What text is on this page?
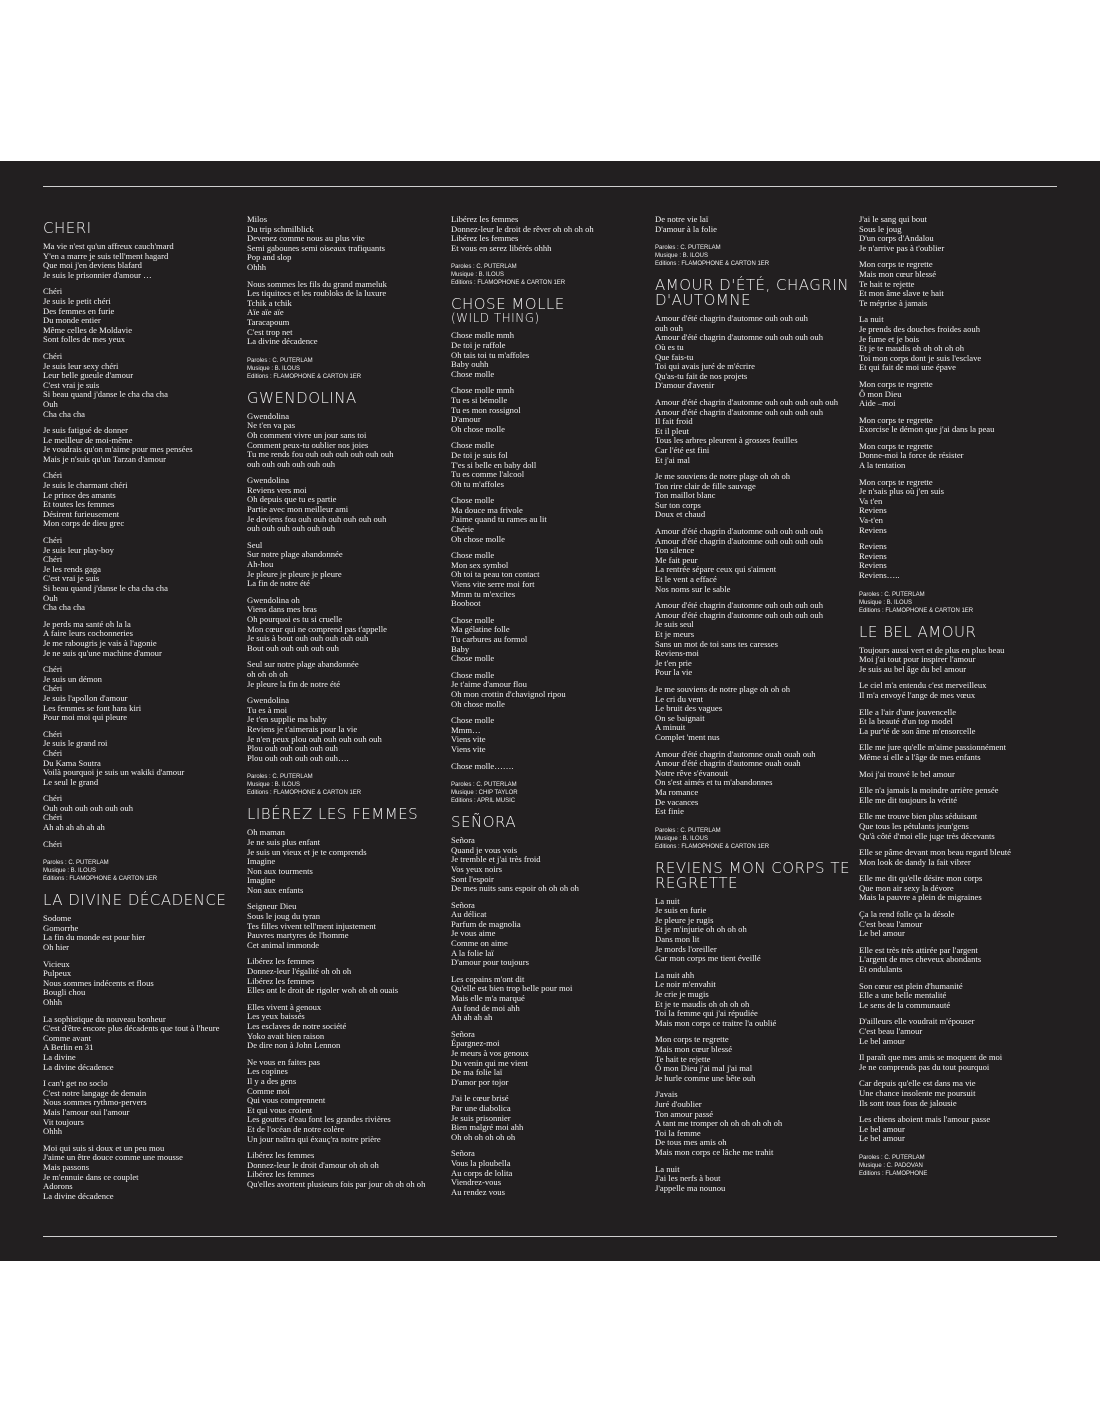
CHERI
Ma vie n'est qu'un affreux cauch'mard
Y'en a marre je suis tell'ment hagard
Que moi j'en deviens blafard
Je suis le prisonnier d'amour …
Chéri
Je suis le petit chéri
Des femmes en furie
Du monde entier
Même celles de Moldavie
Sont folles de mes yeux
Chéri
Je suis leur sexy chéri
Leur belle gueule d'amour
C'est vrai je suis
Si beau quand j'danse le cha cha cha
Ouh
Cha cha cha
Je suis fatigué de donner
Le meilleur de moi-même
Je voudrais qu'on m'aime pour mes pensées
Mais je n'suis qu'un Tarzan d'amour
Chéri
Je suis le charmant chéri
Le prince des amants
Et toutes les femmes
Désirent furieusement
Mon corps de dieu grec
Chéri
Je suis leur play-boy
Chéri
Je les rends gaga
C'est vrai je suis
Si beau quand j'danse le cha cha cha
Ouh
Cha cha cha
Je perds ma santé oh la la
A faire leurs cochonneries
Je me rabougris je vais à l'agonie
Je ne suis qu'une machine d'amour
Chéri
Je suis un démon
Chéri
Je suis l'apollon d'amour
Les femmes se font hara kiri
Pour moi moi qui pleure
Chéri
Je suis le grand roi
Chéri
Du Kama Soutra
Voilà pourquoi je suis un wakiki d'amour
Le seul le grand
Chéri
Ouh ouh ouh ouh ouh ouh
Chéri
Ah ah ah ah ah ah
Chéri
Paroles : C. PUTERLAM
Musique : B. ILOUS
Editions : FLAMOPHONE & CARTON 1ER
LA DIVINE DÉCADENCE
Sodome
Gomorrhe
La fin du monde est pour hier
Oh hier
Vicieux
Pulpeux
Nous sommes indécents et flous
Bougli chou
Ohhh
La sophistique du nouveau bonheur
C'est d'être encore plus décadents que tout à l'heure
Comme avant
A Berlin en 31
La divine
La divine décadence
I can't get no soclo
C'est notre langage de demain
Nous sommes rythmo-pervers
Mais l'amour oui l'amour
Vit toujours
Ohhh
Moi qui suis si doux et un peu mou
J'aime un être douce comme une mousse
Mais passons
Je m'ennuie dans ce couplet
Adorons
La divine décadence
Milos
Du trip schmilblick
Devenez comme nous au plus vite
Semi gabounes semi oiseaux trafiquants
Pop and slop
Ohhh
Nous sommes les fils du grand mameluk
Les tiquitocs et les roubloks de la luxure
Tchik a tchik
Aïe aïe aïe
Taracapoum
C'est trop net
La divine décadence
Paroles : C. PUTERLAM
Musique : B. ILOUS
Editions : FLAMOPHONE & CARTON 1ER
GWENDOLINA
Gwendolina
Ne t'en va pas
Oh comment vivre un jour sans toi
Comment peux-tu oublier nos joies
Tu me rends fou ouh ouh ouh ouh ouh ouh
ouh ouh ouh ouh ouh ouh
Gwendolina
Reviens vers moi
Oh depuis que tu es partie
Partie avec mon meilleur ami
Je deviens fou ouh ouh ouh ouh ouh ouh
ouh ouh ouh ouh ouh ouh
Seul
Sur notre plage abandonnée
Ah-hou
Je pleure je pleure je pleure
La fin de notre été
Gwendolina oh
Viens dans mes bras
Oh pourquoi es tu si cruelle
Mon cœur qui ne comprend pas t'appelle
Je suis à bout ouh ouh ouh ouh ouh
Bout ouh ouh ouh ouh ouh
Seul sur notre plage abandonnée
oh oh oh oh
Je pleure la fin de notre été
Gwendolina
Tu es à moi
Je t'en supplie ma baby
Reviens je t'aimerais pour la vie
Je n'en peux plou ouh ouh ouh ouh ouh
Plou ouh ouh ouh ouh ouh
Plou ouh ouh ouh ouh ouh….
Paroles : C. PUTERLAM
Musique : B. ILOUS
Editions : FLAMOPHONE & CARTON 1ER
LIBÉREZ LES FEMMES
Oh maman
Je ne suis plus enfant
Je suis un vieux et je te comprends
Imagine
Non aux tourments
Imagine
Non aux enfants
Seigneur Dieu
Sous le joug du tyran
Tes filles vivent tell'ment injustement
Pauvres martyres de l'homme
Cet animal immonde
Libérez les femmes
Donnez-leur l'égalité oh oh oh
Libérez les femmes
Elles ont le droit de rigoler woh oh oh ouais
Elles vivent à genoux
Les yeux baissés
Les esclaves de notre société
Yoko avait bien raison
De dire non à John Lennon
Ne vous en faites pas
Les copines
Il y a des gens
Comme moi
Qui vous comprennent
Et qui vous croient
Les gouttes d'eau font les grandes rivières
Et de l'océan de notre colère
Un jour naîtra qui éxauç'ra notre prière
Libérez les femmes
Donnez-leur le droit d'amour oh oh oh
Libérez les femmes
Qu'elles avortent plusieurs fois par jour oh oh oh oh
Libérez les femmes
Donnez-leur le droit de rêver oh oh oh oh
Libérez les femmes
Et vous en serez libérés ohhh
Paroles : C. PUTERLAM
Musique : B. ILOUS
Editions : FLAMOPHONE & CARTON 1ER
CHOSE MOLLE
(WILD THING)
Chose molle mmh
De toi je raffole
Oh tais toi tu m'affoles
Baby ouhh
Chose molle
Chose molle mmh
Tu es si bémolle
Tu es mon rossignol
D'amour
Oh chose molle
Chose molle
De toi je suis fol
T'es si belle en baby doll
Tu es comme l'alcool
Oh tu m'affoles
Chose molle
Ma douce ma frivole
J'aime quand tu rames au lit
Chérie
Oh chose molle
Chose molle
Mon sex symbol
Oh toi ta peau ton contact
Viens vite serre moi fort
Mmm tu m'excites
Booboot
Chose molle
Ma gélatine folle
Tu carbures au formol
Baby
Chose molle
Chose molle
Je t'aime d'amour flou
Oh mon crottin d'chavignol ripou
Oh chose molle
Chose molle
Mmm…
Viens vite
Viens vite
Chose molle…….
Paroles : C. PUTERLAM
Musique : CHIP TAYLOR
Editions : APRIL MUSIC
SEÑORA
Señora
Quand je vous vois
Je tremble et j'ai très froid
Vos yeux noirs
Sont l'espoir
De mes nuits sans espoir oh oh oh oh
Señora
Au délicat
Parfum de magnolia
Je vous aime
Comme on aime
A la folie laï
D'amour pour toujours
Les copains m'ont dit
Qu'elle est bien trop belle pour moi
Mais elle m'a marqué
Au fond de moi ahh
Ah ah ah ah
Señora
Épargnez-moi
Je meurs à vos genoux
Du venin qui me vient
De ma folie laï
D'amor por tojor
J'ai le cœur brisé
Par une diabolica
Je suis prisonnier
Bien malgré moi ahh
Oh oh oh oh oh oh
Señora
Vous la ploubella
Au corps de lolita
Viendrez-vous
Au rendez vous
De notre vie laï
D'amour à la folie
Paroles : C. PUTERLAM
Musique : B. ILOUS
Editions : FLAMOPHONE & CARTON 1ER
AMOUR D'ÉTÉ, CHAGRIN D'AUTOMNE
Amour d'été chagrin d'automne ouh ouh ouh
ouh ouh
Amour d'été chagrin d'automne ouh ouh ouh ouh
Où es tu
Que fais-tu
Toi qui avais juré de m'écrire
Qu'as-tu fait de nos projets
D'amour d'avenir
Amour d'été chagrin d'automne ouh ouh ouh ouh ouh
Amour d'été chagrin d'automne ouh ouh ouh ouh
Il fait froid
Et il pleut
Tous les arbres pleurent à grosses feuilles
Car l'été est fini
Et j'ai mal
Je me souviens de notre plage oh oh oh
Ton rire clair de fille sauvage
Ton maillot blanc
Sur ton corps
Doux et chaud
Amour d'été chagrin d'automne ouh ouh ouh ouh
Amour d'été chagrin d'automne ouh ouh ouh ouh
Ton silence
Me fait peur
La rentrée sépare ceux qui s'aiment
Et le vent a effacé
Nos noms sur le sable
Amour d'été chagrin d'automne ouh ouh ouh ouh
Amour d'été chagrin d'automne ouh ouh ouh ouh
Je suis seul
Et je meurs
Sans un mot de toi sans tes caresses
Reviens-moi
Je t'en prie
Pour la vie
Je me souviens de notre plage oh oh oh
Le cri du vent
Le bruit des vagues
On se baignait
A minuit
Complet 'ment nus
Amour d'été chagrin d'automne ouah ouah ouh
Amour d'été chagrin d'automne ouah ouah
Notre rêve s'évanouit
On s'est aimés et tu m'abandonnes
Ma romance
De vacances
Est finie
Paroles : C. PUTERLAM
Musique : B. ILOUS
Editions : FLAMOPHONE & CARTON 1ER
REVIENS MON CORPS TE REGRETTE
La nuit
Je suis en furie
Je pleure je rugis
Et je m'injurie oh oh oh oh
Dans mon lit
Je mords l'oreiller
Car mon corps me tient éveillé
La nuit ahh
Le noir m'envahit
Je crie je mugis
Et je te maudis oh oh oh oh
Toi la femme qui j'ai répudiée
Mais mon corps ce traitre l'a oublié
Mon corps te regrette
Mais mon cœur blessé
Te hait te rejette
Ô mon Dieu j'ai mal j'ai mal
Je hurle comme une bête ouh
J'avais
Juré d'oublier
Ton amour passé
A tant me tromper oh oh oh oh oh oh
Toi la femme
De tous mes amis oh
Mais mon corps ce lâche me trahit
La nuit
J'ai les nerfs à bout
J'appelle ma nounou
J'ai le sang qui bout
Sous le joug
D'un corps d'Andalou
Je n'arrive pas à t'oublier
Mon corps te regrette
Mais mon cœur blessé
Te hait te rejette
Et mon âme slave te hait
Te méprise à jamais
La nuit
Je prends des douches froides aouh
Je fume et je bois
Et je te maudis oh oh oh oh oh
Toi mon corps dont je suis l'esclave
Et qui fait de moi une épave
Mon corps te regrette
Ô mon Dieu
Aide –moi
Mon corps te regrette
Exorcise le démon que j'ai dans la peau
Mon corps te regrette
Donne-moi la force de résister
A la tentation
Mon corps te regrette
Je n'sais plus où j'en suis
Va t'en
Reviens
Va-t'en
Reviens
Reviens
Reviens
Reviens
Reviens…..
Paroles : C. PUTERLAM
Musique : B. ILOUS
Editions : FLAMOPHONE & CARTON 1ER
LE BEL AMOUR
Toujours aussi vert et de plus en plus beau
Moi j'ai tout pour inspirer l'amour
Je suis au bel âge du bel amour
Le ciel m'a entendu c'est merveilleux
Il m'a envoyé l'ange de mes vœux
Elle a l'air d'une jouvencelle
Et la beauté d'un top model
La pur'té de son âme m'ensorcelle
Elle me jure qu'elle m'aime passionnément
Même si elle a l'âge de mes enfants
Moi j'ai trouvé le bel amour
Elle n'a jamais la moindre arrière pensée
Elle me dit toujours la vérité
Elle me trouve bien plus séduisant
Que tous les pétulants jeun'gens
Qu'à côté d'moi elle juge très décevants
Elle se pâme devant mon beau regard bleuté
Mon look de dandy la fait vibrer
Elle me dit qu'elle désire mon corps
Que mon air sexy la dévore
Mais la pauvre a plein de migraines
Ça la rend folle ça la désole
C'est beau l'amour
Le bel amour
Elle est très très attirée par l'argent
L'argent de mes cheveux abondants
Et ondulants
Son cœur est plein d'humanité
Elle a une belle mentalité
Le sens de la communauté
D'ailleurs elle voudrait m'épouser
C'est beau l'amour
Le bel amour
Il paraît que mes amis se moquent de moi
Je ne comprends pas du tout pourquoi
Car depuis qu'elle est dans ma vie
Une chance insolente me poursuit
Ils sont tous fous de jalousie
Les chiens aboient mais l'amour passe
Le bel amour
Le bel amour
Paroles : C. PUTERLAM
Musique : C. PADOVAN
Editions : FLAMOPHONE
